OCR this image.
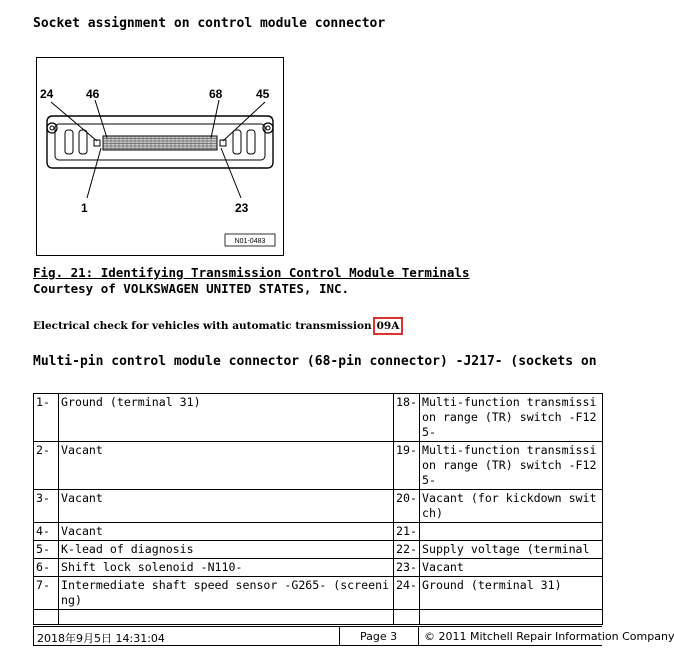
Socket assignment on control module connector
24	46	68	45
1	23
N01-0483
Fig. 21: Identifying Transmission Control Module Terminals
Courtesy of VOLKSWAGEN UNITED STATES, INC.
Electrical check for vehicles with automatic transmission 09A
Multi-pin control module connector (68-pin connector) -J217- (sockets on
1-	Ground (terminal 31)	18-	Multi-function transmission range (TR) switch -F125-
2-	Vacant	19-	Multi-function transmission range (TR) switch -F125-
3-	Vacant	20-	Vacant (for kickdown switch)
4-	Vacant	21-	
5-	K-lead of diagnosis	22-	Supply voltage (terminal
6-	Shift lock solenoid -N110-	23-	Vacant
7-	Intermediate shaft speed sensor -G265- (screening)	24-	Ground (terminal 31)

2018年9月5日 14:31:04	Page 3 © 2011 Mitchell Repair Information Company
